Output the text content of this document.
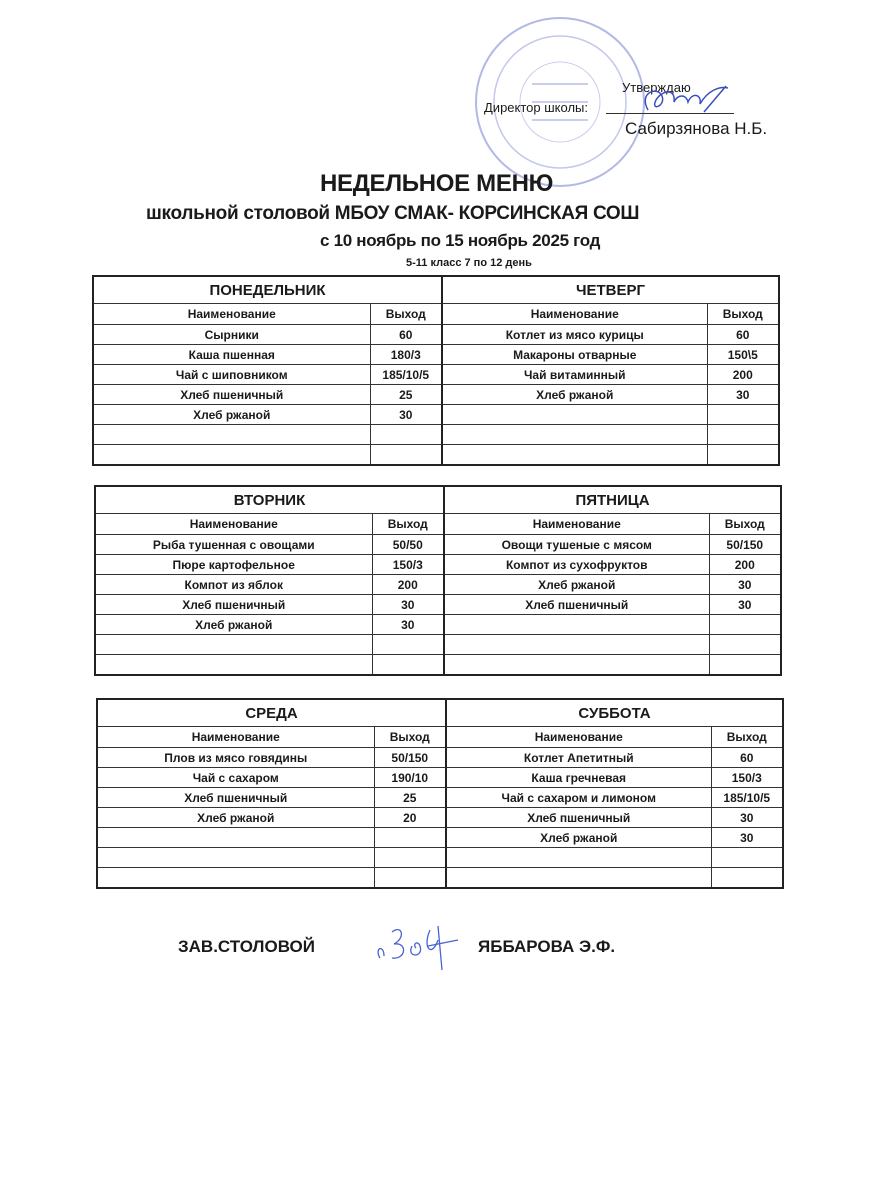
Утверждаю
Директор школы:
Сабирзянова Н.Б.
НЕДЕЛЬНОЕ МЕНЮ
школьной столовой МБОУ СМАК- КОРСИНСКАЯ СОШ
с 10 ноябрь по 15 ноябрь 2025 год
5-11 класс 7 по 12 день
ПОНЕДЕЛЬНИК		ЧЕТВЕРГ	
Наименование	Выход	Наименование	Выход
Сырники	60	Котлет из мясо курицы	60
Каша пшенная	180/3	Макароны отварные	150\5
Чай с шиповником	185/10/5	Чай витаминный	200
Хлеб пшеничный	25	Хлеб ржаной	30
Хлеб ржаной	30		

ВТОРНИК		ПЯТНИЦА	
Наименование	Выход	Наименование	Выход
Рыба тушенная с овощами	50/50	Овощи тушеные с мясом	50/150
Пюре картофельное	150/3	Компот из сухофруктов	200
Компот из яблок	200	Хлеб ржаной	30
Хлеб пшеничный	30	Хлеб пшеничный	30
Хлеб ржаной	30		

СРЕДА		СУББОТА	
Наименование	Выход	Наименование	Выход
Плов из мясо говядины	50/150	Котлет Апетитный	60
Чай с сахаром	190/10	Каша гречневая	150/3
Хлеб пшеничный	25	Чай с сахаром и лимоном	185/10/5
Хлеб ржаной	20	Хлеб пшеничный	30
		Хлеб ржаной	30

ЗАВ.СТОЛОВОЙ	ЯББАРОВА Э.Ф.
